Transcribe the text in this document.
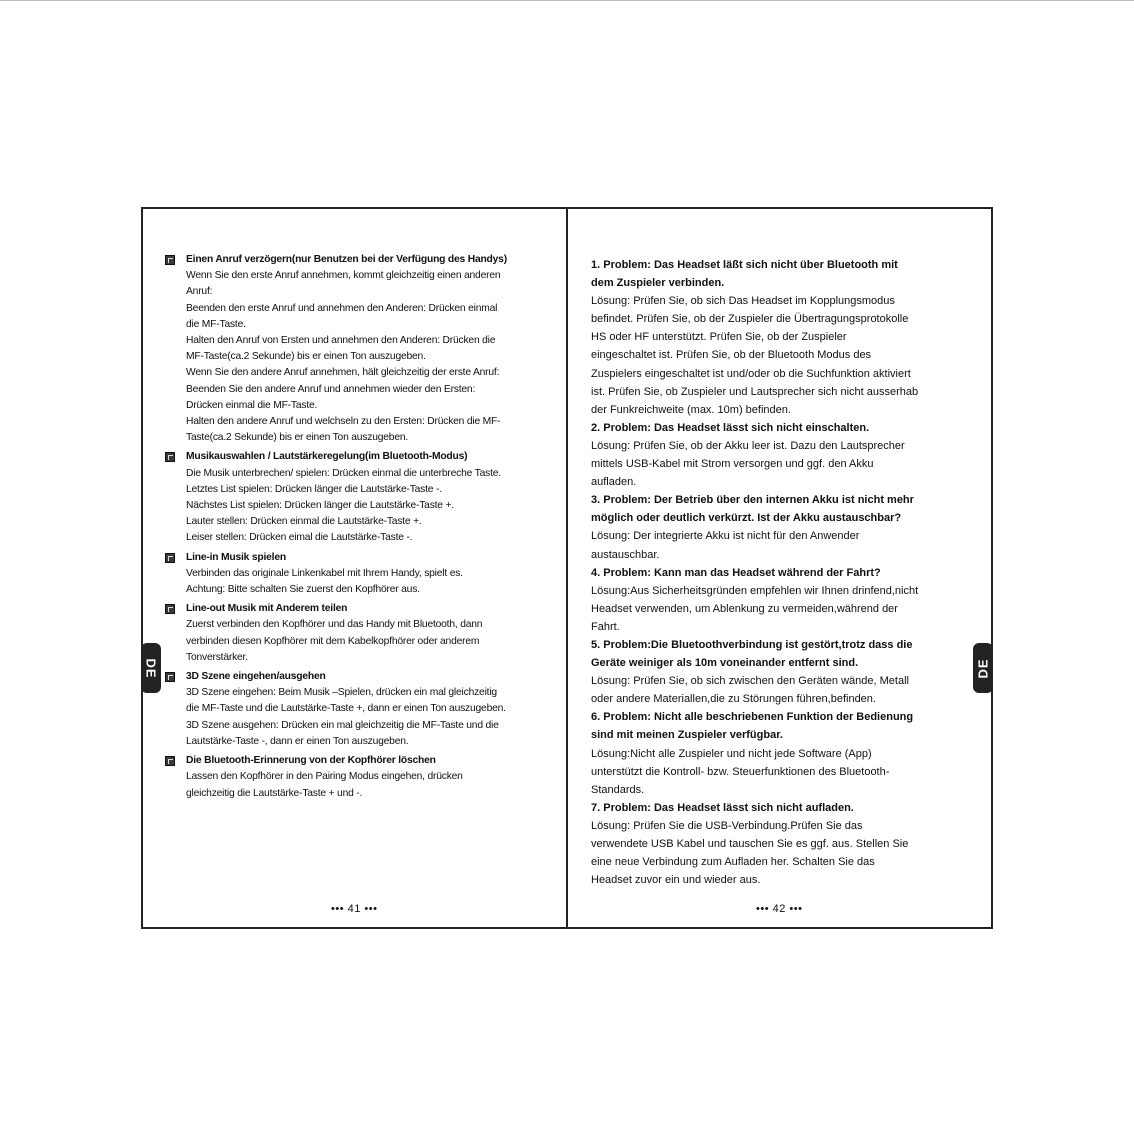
DE	DE
Einen Anruf verzögern(nur Benutzen bei der Verfügung des Handys)
Wenn Sie den erste Anruf annehmen, kommt gleichzeitig einen anderen
Anruf:
Beenden den erste Anruf und annehmen den Anderen: Drücken einmal
die MF-Taste.
Halten den Anruf von Ersten und annehmen den Anderen: Drücken die
MF-Taste(ca.2 Sekunde) bis er einen Ton auszugeben.
Wenn Sie den andere Anruf annehmen, hält gleichzeitig der erste Anruf:
Beenden Sie den andere Anruf und annehmen wieder den Ersten:
Drücken einmal die MF-Taste.
Halten den andere Anruf und welchseln zu den Ersten: Drücken die MF-
Taste(ca.2 Sekunde) bis er einen Ton auszugeben.
Musikauswahlen / Lautstärkeregelung(im Bluetooth-Modus)
Die Musik unterbrechen/ spielen: Drücken einmal die unterbreche Taste.
Letztes List spielen: Drücken länger die Lautstärke-Taste -.
Nächstes List spielen: Drücken länger die Lautstärke-Taste +.
Lauter stellen: Drücken einmal die Lautstärke-Taste +.
Leiser stellen: Drücken eimal die Lautstärke-Taste -.
Line-in Musik spielen
Verbinden das originale Linkenkabel mit Ihrem Handy, spielt es.
Achtung: Bitte schalten Sie zuerst den Kopfhörer aus.
Line-out Musik mit Anderem teilen
Zuerst verbinden den Kopfhörer und das Handy mit Bluetooth, dann
verbinden diesen Kopfhörer mit dem Kabelkopfhörer oder anderem
Tonverstärker.
3D Szene eingehen/ausgehen
3D Szene eingehen: Beim Musik –Spielen, drücken ein mal gleichzeitig
die MF-Taste und die Lautstärke-Taste +, dann er einen Ton auszugeben.
3D Szene ausgehen: Drücken ein mal gleichzeitig die MF-Taste und die
Lautstärke-Taste -, dann er einen Ton auszugeben.
Die Bluetooth-Erinnerung von der Kopfhörer löschen
Lassen den Kopfhörer in den Pairing Modus eingehen, drücken
gleichzeitig die Lautstärke-Taste + und -.
••• 41 •••
1. Problem: Das Headset läßt sich nicht über Bluetooth mit
dem Zuspieler verbinden.
Lösung: Prüfen Sie, ob sich Das Headset im Kopplungsmodus
befindet. Prüfen Sie, ob der Zuspieler die Übertragungsprotokolle
HS oder HF unterstützt. Prüfen Sie, ob der Zuspieler
eingeschaltet ist. Prüfen Sie, ob der Bluetooth Modus des
Zuspielers eingeschaltet ist und/oder ob die Suchfunktion aktiviert
ist. Prüfen Sie, ob Zuspieler und Lautsprecher sich nicht ausserhab
der Funkreichweite (max. 10m) befinden.
2. Problem: Das Headset lässt sich nicht einschalten.
Lösung: Prüfen Sie, ob der Akku leer ist. Dazu den Lautsprecher
mittels USB-Kabel mit Strom versorgen und ggf. den Akku
aufladen.
3. Problem: Der Betrieb über den internen Akku ist nicht mehr
möglich oder deutlich verkürzt. Ist der Akku austauschbar?
Lösung: Der integrierte Akku ist nicht für den Anwender
austauschbar.
4. Problem: Kann man das Headset während der Fahrt?
Lösung:Aus Sicherheitsgründen empfehlen wir Ihnen drinfend,nicht
Headset verwenden, um Ablenkung zu vermeiden,während der
Fahrt.
5. Problem:Die Bluetoothverbindung ist gestört,trotz dass die
Geräte weiniger als 10m voneinander entfernt sind.
Lösung: Prüfen Sie, ob sich zwischen den Geräten wände, Metall
oder andere Materiallen,die zu Störungen führen,befinden.
6. Problem: Nicht alle beschriebenen Funktion der Bedienung
sind mit meinen Zuspieler verfügbar.
Lösung:Nicht alle Zuspieler und nicht jede Software (App)
unterstützt die Kontroll- bzw. Steuerfunktionen des Bluetooth-
Standards.
7. Problem: Das Headset lässt sich nicht aufladen.
Lösung: Prüfen Sie die USB-Verbindung.Prüfen Sie das
verwendete USB Kabel und tauschen Sie es ggf. aus. Stellen Sie
eine neue Verbindung zum Aufladen her. Schalten Sie das
Headset zuvor ein und wieder aus.
••• 42 •••
